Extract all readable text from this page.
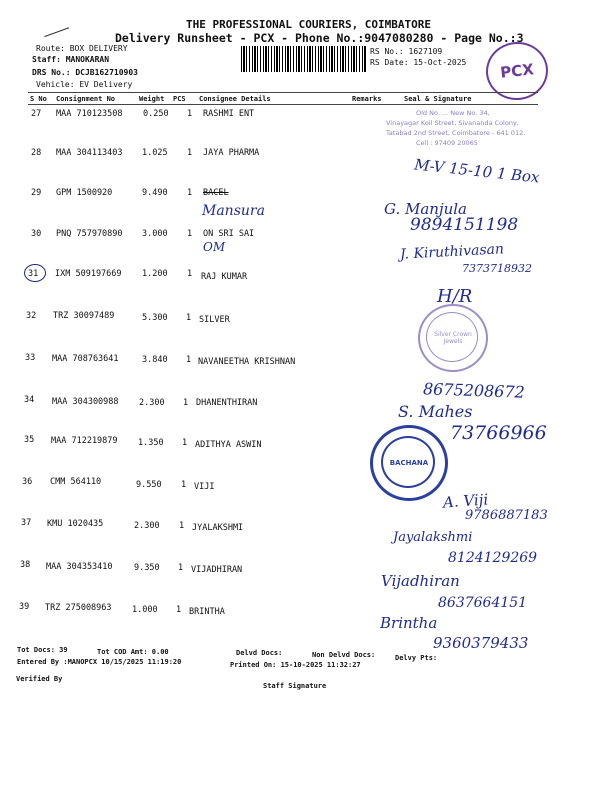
THE PROFESSIONAL COURIERS, COIMBATORE
Delivery Runsheet - PCX - Phone No.:9047080280 - Page No.:3
Route: BOX DELIVERY
Staff: MANOKARAN
DRS No.: DCJB162710903
Vehicle: EV Delivery
RS No.: 1627109
RS Date: 15-Oct-2025 PCX
S No Consignment No	Weight PCS Consignee Details	Remarks	Seal & Signature
27 MAA 710123508 0.250 1 RASHMI ENT
28 MAA 304113403 1.025 1 JAYA PHARMA
29 GPM 1500920	9.490 1 BACEL
30 PNQ 757970890 3.000 1 ON SRI SAI
31 IXM 509197669 1.200 1 RAJ KUMAR
32 TRZ 30097489	5.300 1 SILVER
33 MAA 708763641	3.840 1 NAVANEETHA KRISHNAN
34 MAA 304300988 2.300 1 DHANENTHIRAN
35 MAA 712219879 1.350 1 ADITHYA ASWIN
36 CMM 564110	9.550 1 VIJI
37 KMU 1020435	2.300 1 JYALAKSHMI
38 MAA 304353410	9.350 1 VIJADHIRAN
39 TRZ 275008963 1.000 1 BRINTHA
Old No. ... New No. 34,
Vinayagar Koil Street, Sivananda Colony,
Tatabad 2nd Street, Coimbatore - 641 012.
Cell : 97409 20065
M-V 15-10 1 Box
Mansura	G. Manjula
9894151198
OM	J. Kiruthivasan
7373718932
H/R
8675208672
S. Mahes
73766966
A. Viji
9786887183
Jayalakshmi
8124129269
Vijadhiran
8637664151
Brintha
9360379433
Silver Crown Jewels
BACHANA
Tot Docs: 39	Tot COD Amt: 0.00	Delvd Docs:	Non Delvd Docs:	Delvy Pts:
Entered By :MANOPCX 10/15/2025 11:19:20	Printed On: 15-10-2025 11:32:27
Verified By
Staff Signature
